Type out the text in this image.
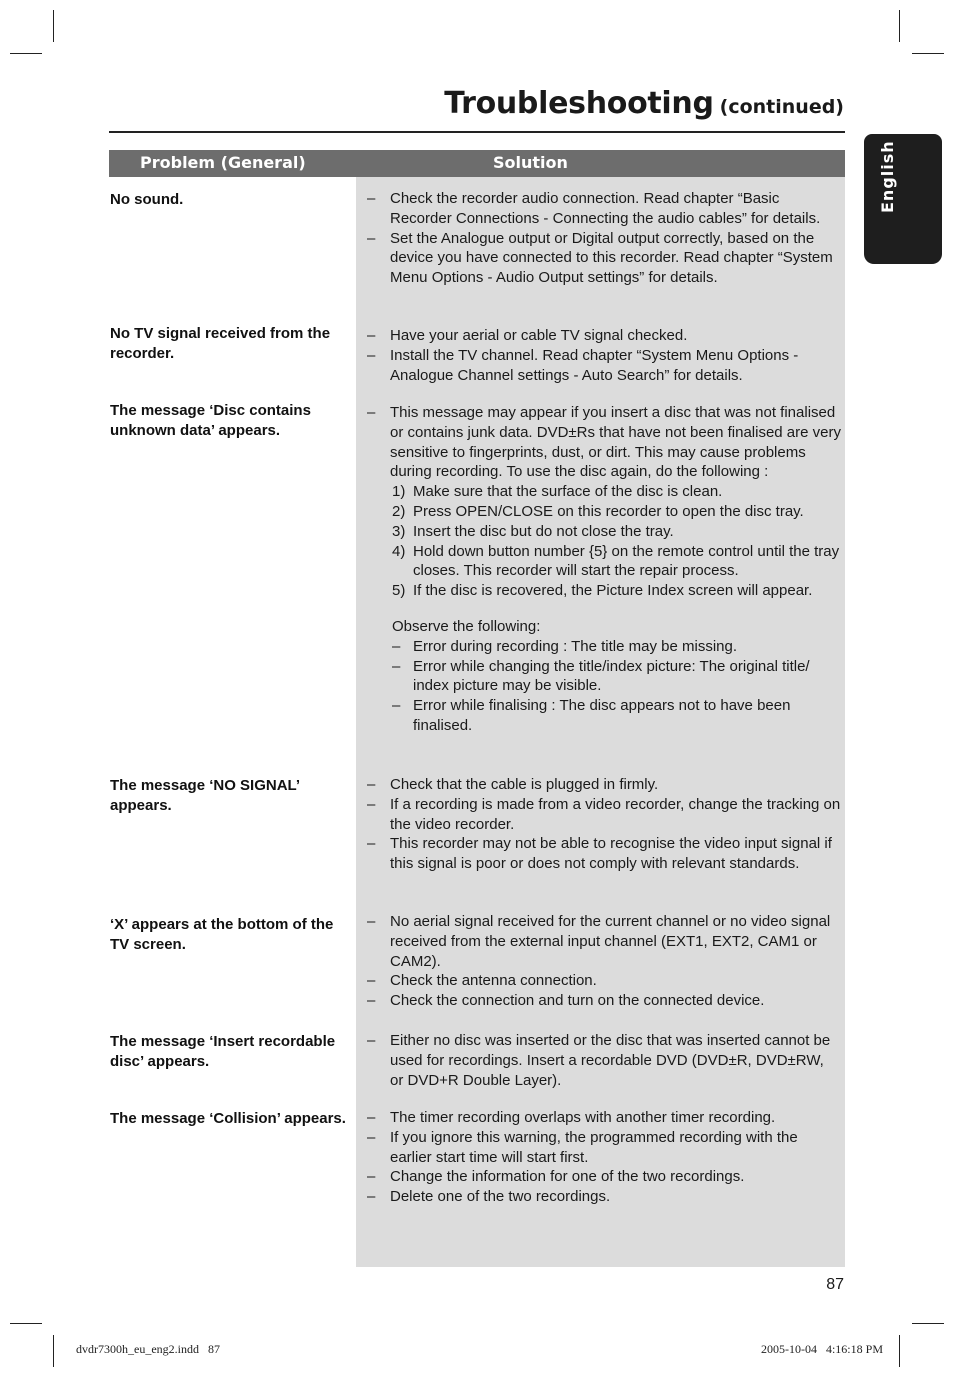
Troubleshooting (continued)
English
Problem (General)	Solution
No sound.	– Check the recorder audio connection. Read chapter “Basic Recorder Connections - Connecting the audio cables” for details.
– Set the Analogue output or Digital output correctly, based on the device you have connected to this recorder. Read chapter “System Menu Options - Audio Output settings” for details.
No TV signal received from the recorder.
– Have your aerial or cable TV signal checked.
– Install the TV channel. Read chapter “System Menu Options - Analogue Channel settings - Auto Search” for details.
The message ‘Disc contains unknown data’ appears.
– This message may appear if you insert a disc that was not finalised or contains junk data. DVD±Rs that have not been finalised are very sensitive to fingerprints, dust, or dirt. This may cause problems during recording. To use the disc again, do the following :
1) Make sure that the surface of the disc is clean.
2) Press OPEN/CLOSE on this recorder to open the disc tray.
3) Insert the disc but do not close the tray.
4) Hold down button number {5} on the remote control until the tray closes. This recorder will start the repair process.
5) If the disc is recovered, the Picture Index screen will appear.
Observe the following:
– Error during recording : The title may be missing.
– Error while changing the title/index picture: The original title/ index picture may be visible.
– Error while finalising : The disc appears not to have been finalised.
The message ‘NO SIGNAL’ appears.
– Check that the cable is plugged in firmly.
– If a recording is made from a video recorder, change the tracking on the video recorder.
– This recorder may not be able to recognise the video input signal if this signal is poor or does not comply with relevant standards.
‘X’ appears at the bottom of the TV screen.
– No aerial signal received for the current channel or no video signal received from the external input channel (EXT1, EXT2, CAM1 or CAM2).
– Check the antenna connection.
– Check the connection and turn on the connected device.
The message ‘Insert recordable disc’ appears.
– Either no disc was inserted or the disc that was inserted cannot be used for recordings. Insert a recordable DVD (DVD±R, DVD±RW, or DVD+R Double Layer).
The message ‘Collision’ appears. – The timer recording overlaps with another timer recording.
– If you ignore this warning, the programmed recording with the earlier start time will start first.
– Change the information for one of the two recordings.
– Delete one of the two recordings.
87
dvdr7300h_eu_eng2.indd   87	2005-10-04   4:16:18 PM
